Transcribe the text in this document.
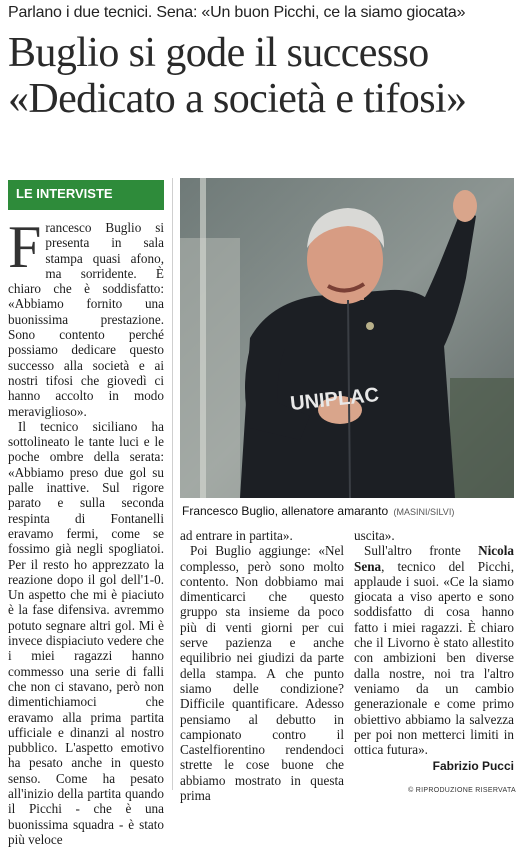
Parlano i due tecnici. Sena: «Un buon Picchi, ce la siamo giocata»
Buglio si gode il successo
«Dedicato a società e tifosi»
LE INTERVISTE

Francesco Buglio si presenta in sala stampa quasi afono, ma sorridente. È chiaro che è soddisfatto: «Abbiamo fornito una buonissima prestazione. Sono contento perché possiamo dedicare questo successo alla società e ai nostri tifosi che giovedì ci hanno accolto in modo meraviglioso».

Il tecnico siciliano ha sottolineato le tante luci e le poche ombre della serata: «Abbiamo preso due gol su palle inattive. Sul rigore parato e sulla seconda respinta di Fontanelli eravamo fermi, come se fossimo già negli spogliatoi. Per il resto ho apprezzato la reazione dopo il gol dell'1-0. Un aspetto che mi è piaciuto è la fase difensiva. avremmo potuto segnare altri gol. Mi è invece dispiaciuto vedere che i miei ragazzi hanno commesso una serie di falli che non ci stavano, però non dimentichiamoci che eravamo alla prima partita ufficiale e dinanzi al nostro pubblico. L'aspetto emotivo ha pesato anche in questo senso. Come ha pesato all'inizio della partita quando il Picchi - che è una buonissima squadra - è stato più veloce

UNIPLAC
Francesco Buglio, allenatore amaranto (MASINI/SILVI)

ad entrare in partita».

Poi Buglio aggiunge: «Nel complesso, però sono molto contento. Non dobbiamo mai dimenticarci che questo gruppo sta insieme da poco più di venti giorni per cui serve pazienza e anche equilibrio nei giudizi da parte della stampa. A che punto siamo delle condizione? Difficile quantificare. Adesso pensiamo al debutto in campionato contro il Castelfiorentino rendendoci strette le cose buone che abbiamo mostrato in questa prima

uscita».

Sull'altro fronte Nicola Sena, tecnico del Picchi, applaude i suoi. «Ce la siamo giocata a viso aperto e sono soddisfatto di cosa hanno fatto i miei ragazzi. È chiaro che il Livorno è stato allestito con ambizioni ben diverse dalla nostre, noi tra l'altro veniamo da un cambio generazionale e come primo obiettivo abbiamo la salvezza per poi non metterci limiti in ottica futura».

Fabrizio Pucci

© RIPRODUZIONE RISERVATA
